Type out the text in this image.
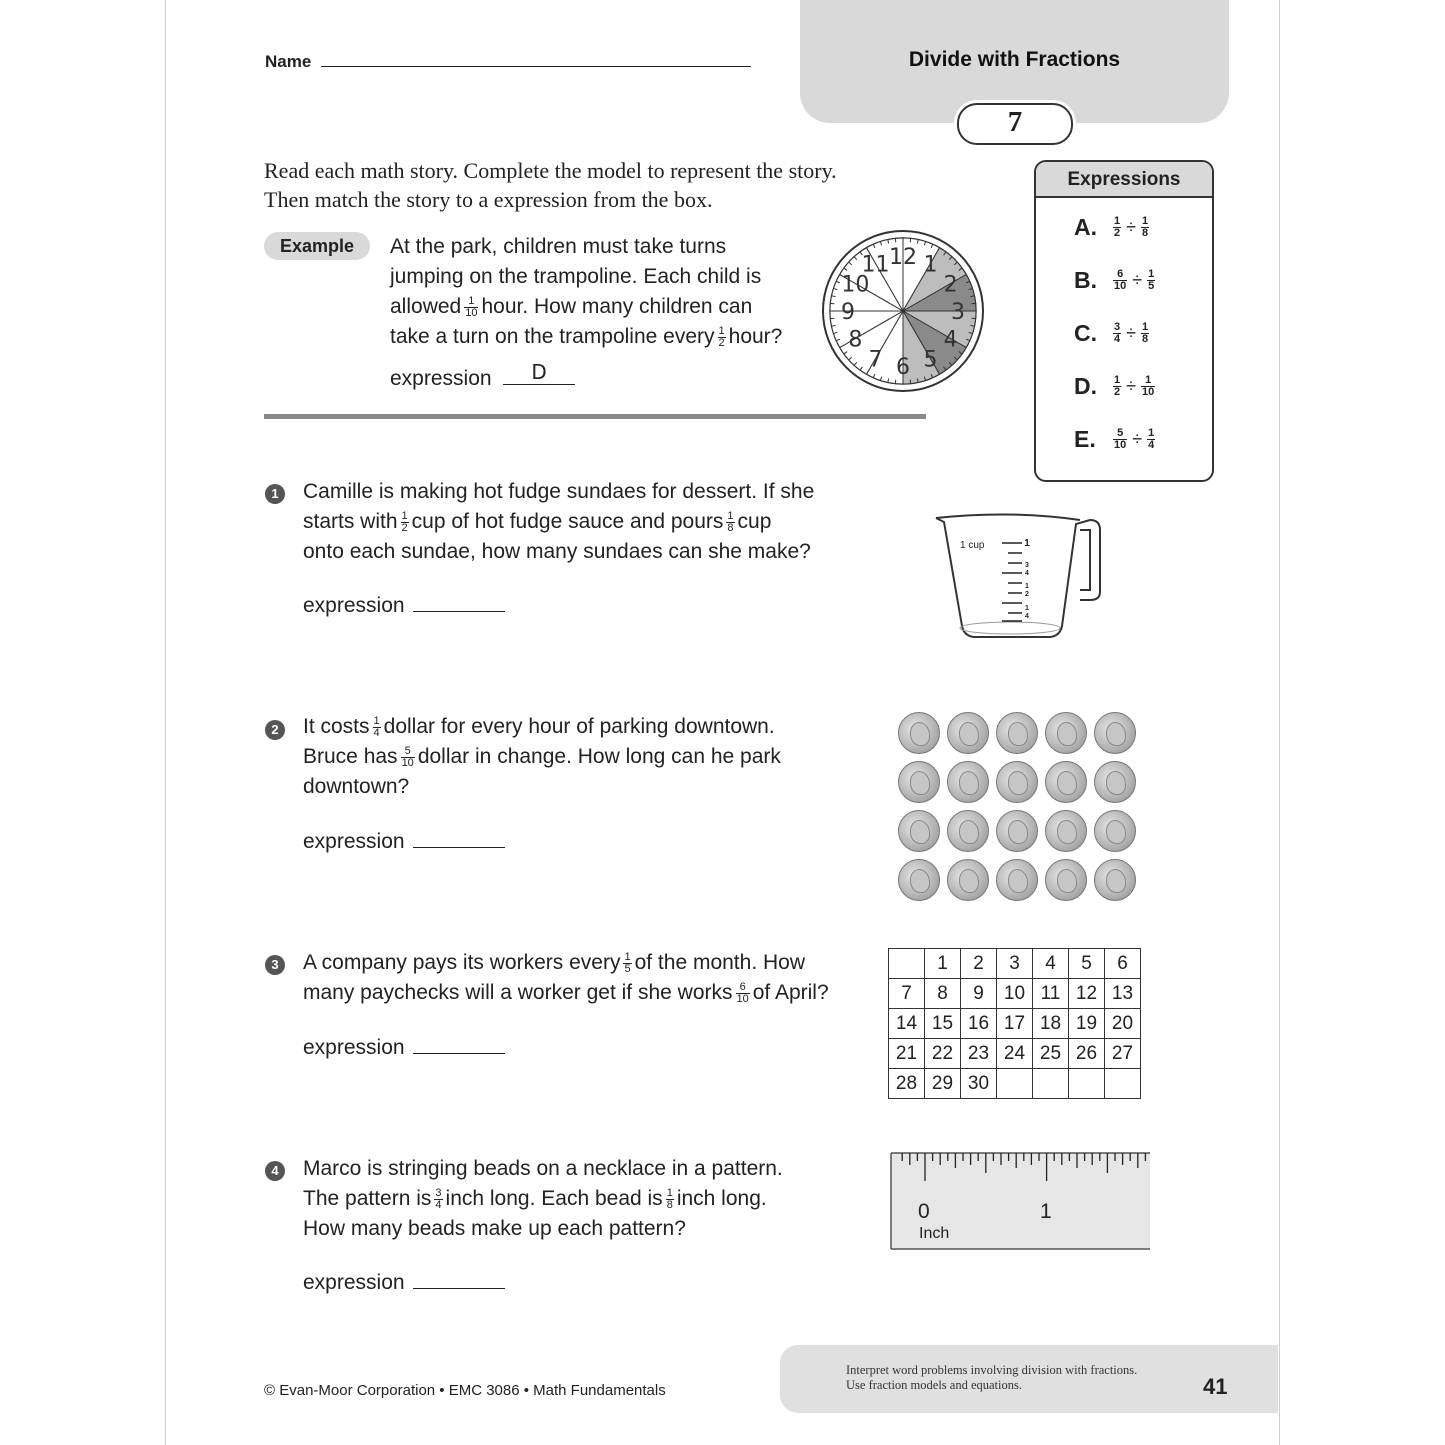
Name	Divide with Fractions
7
Read each math story. Complete the model to represent the story.
Then match the story to a expression from the box.
Expressions
A.	$\frac{1}{2} \div \frac{1}{8}$
B.	$\frac{6}{10} \div \frac{1}{5}$
C.	$\frac{3}{4} \div \frac{1}{8}$
D.	$\frac{1}{2} \div \frac{1}{10}$
E.	$\frac{5}{10} \div \frac{1}{4}$
Example	At the park, children must take turns
jumping on the trampoline. Each child is
allowed $\frac{1}{10}$ hour. How many children can
take a turn on the trampoline every $\frac{1}{2}$ hour?
expression D
12 1
2
3
4
5
6
7
8
9
10
11
1	Camille is making hot fudge sundaes for dessert. If she
starts with $\frac{1}{2}$ cup of hot fudge sauce and pours $\frac{1}{8}$ cup
onto each sundae, how many sundaes can she make?
expression
1 cup	1
3
4
1
2
1
4
2	It costs $\frac{1}{4}$ dollar for every hour of parking downtown.
Bruce has $\frac{5}{10}$ dollar in change. How long can he park
downtown?
expression
3	A company pays its workers every $\frac{1}{5}$ of the month. How
many paychecks will a worker get if she works $\frac{6}{10}$ of April?
expression
	1	2	3	4	5	6
7	8	9	10	11	12	13
14	15	16	17	18	19	20
21	22	23	24	25	26	27
28	29	30				
4	Marco is stringing beads on a necklace in a pattern.
The pattern is $\frac{3}{4}$ inch long. Each bead is $\frac{1}{8}$ inch long.
How many beads make up each pattern?
expression
0	1
Inch
© Evan-Moor Corporation • EMC 3086 • Math Fundamentals
Interpret word problems involving division with fractions.
Use fraction models and equations.	41
